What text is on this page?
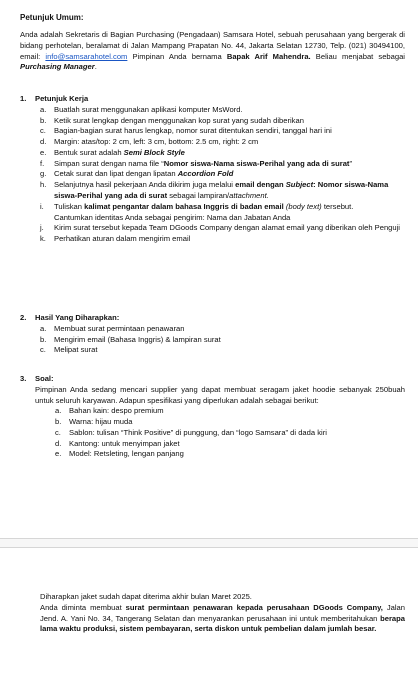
Petunjuk Umum:
Anda adalah Sekretaris di Bagian Purchasing (Pengadaan) Samsara Hotel, sebuah perusahaan yang bergerak di bidang perhotelan, beralamat di Jalan Mampang Prapatan No. 44, Jakarta Selatan 12730, Telp. (021) 30494100, email: info@samsarahotel.com Pimpinan Anda bernama Bapak Arif Mahendra. Beliau menjabat sebagai Purchasing Manager.
1.	Petunjuk Kerja
a.	Buatlah surat menggunakan aplikasi komputer MsWord.
b.	Ketik surat lengkap dengan menggunakan kop surat yang sudah diberikan
c.	Bagian-bagian surat harus lengkap, nomor surat ditentukan sendiri, tanggal hari ini
d.	Margin: atas/top: 2 cm, left: 3 cm, bottom: 2.5 cm, right: 2 cm
e.	Bentuk surat adalah Semi Block Style
f.	Simpan surat dengan nama file “Nomor siswa-Nama siswa-Perihal yang ada di surat”
g.	Cetak surat dan lipat dengan lipatan Accordion Fold
h.	Selanjutnya hasil pekerjaan Anda dikirim juga melalui email dengan Subject: Nomor siswa-Nama siswa-Perihal yang ada di surat sebagai lampiran/attachment.
i.	Tuliskan kalimat pengantar dalam bahasa Inggris di badan email (body text) tersebut.
Cantumkan identitas Anda sebagai pengirim: Nama dan Jabatan Anda
j.	Kirim surat tersebut kepada Team DGoods Company dengan alamat email yang diberikan oleh Penguji
k.	Perhatikan aturan dalam mengirim email
2.	Hasil Yang Diharapkan:
a.	Membuat surat permintaan penawaran
b.	Mengirim email (Bahasa Inggris) & lampiran surat
c.	Melipat surat
3.	Soal:
Pimpinan Anda sedang mencari supplier yang dapat membuat seragam jaket hoodie sebanyak 250buah untuk seluruh karyawan. Adapun spesifikasi yang diperlukan adalah sebagai berikut:
a.	Bahan kain: despo premium
b.	Warna: hijau muda
c.	Sablon: tulisan “Think Positive” di punggung, dan “logo Samsara” di dada kiri
d.	Kantong: untuk menyimpan jaket
e.	Model: Retsleting, lengan panjang
Diharapkan jaket sudah dapat diterima akhir bulan Maret 2025.
Anda diminta membuat surat permintaan penawaran kepada perusahaan DGoods Company, Jalan Jend. A. Yani No. 34, Tangerang Selatan dan menyarankan perusahaan ini untuk memberitahukan berapa lama waktu produksi, sistem pembayaran, serta diskon untuk pembelian dalam jumlah besar.
